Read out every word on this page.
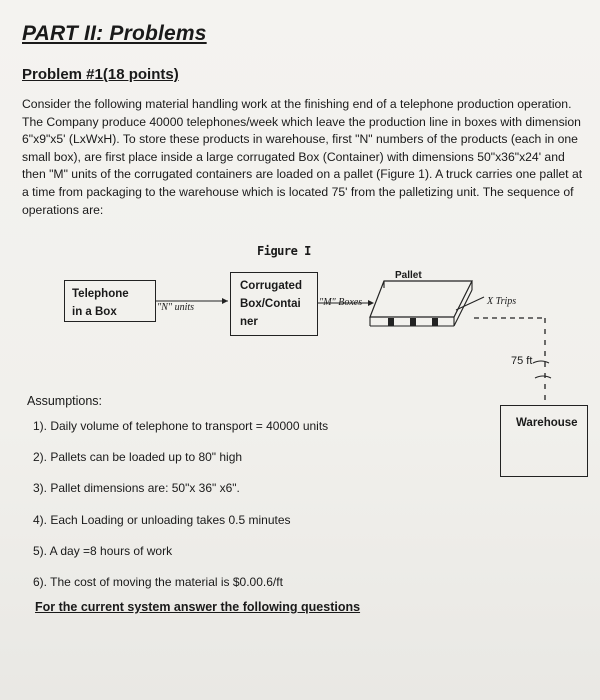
PART II: Problems
Problem #1(18 points)
Consider the following material handling work at the finishing end of a telephone production operation. The Company produce 40000 telephones/week which leave the production line in boxes with dimension 6"x9"x5' (LxWxH). To store these products in warehouse, first "N" numbers of the products (each in one small box), are first place inside a large corrugated Box (Container) with dimensions 50"x36"x24' and then "M" units of the corrugated containers are loaded on a pallet (Figure 1). A truck carries one pallet at a time from packaging to the warehouse which is located 75' from the palletizing unit. The sequence of operations are:
Figure I
Telephone
in a Box	"N" units
Corrugated
Box/Contai
ner
"M" Boxes
Pallet
X Trips
75 ft
Warehouse
Assumptions:
1). Daily volume of telephone to transport = 40000 units
2). Pallets can be loaded up to 80" high
3). Pallet dimensions are: 50"x 36" x6".
4). Each Loading or unloading takes 0.5 minutes
5). A day =8 hours of work
6). The cost of moving the material is $0.00.6/ft
For the current system answer the following questions
